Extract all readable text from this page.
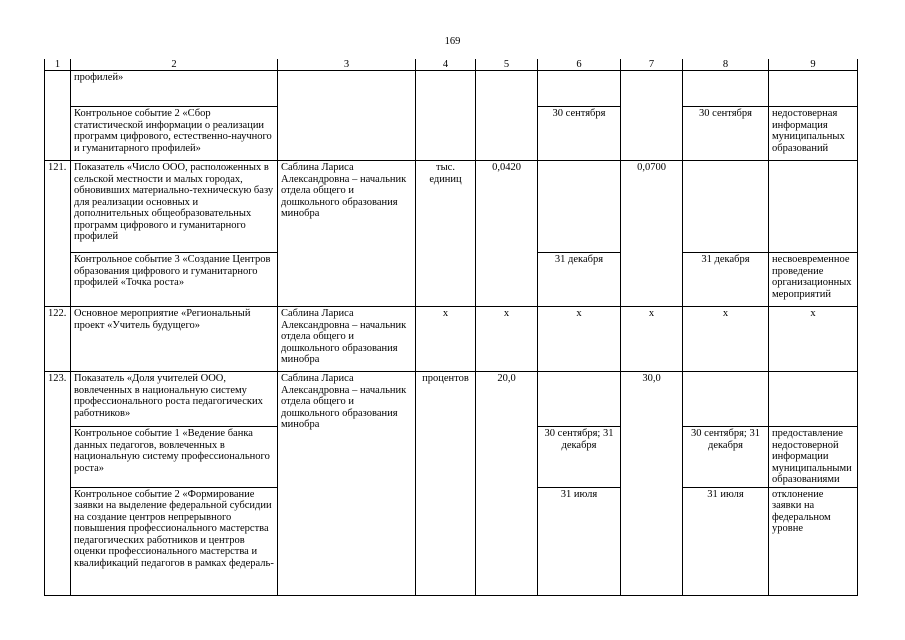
169
1	2	3	4	5	6	7	8	9
	профилей»							
	Контрольное событие 2 «Сбор статистической информации о реализации программ цифрового, естественно-научного и гуманитарного профилей»				30 сентября		30 сентября	недостоверная информация муниципальных образований
121.	Показатель «Число ООО, расположенных в сельской местности и малых городах, обновивших материально-техническую базу для реализации основных и дополнительных общеобразовательных программ цифрового и гуманитарного профилей	Саблина Лариса Александровна – начальник отдела общего и дошкольного образования минобра	тыс. единиц	0,0420		0,0700		
	Контрольное событие 3 «Создание Центров образования цифрового и гуманитарного профилей «Точка роста»				31 декабря		31 декабря	несвоевременное проведение организационных мероприятий
122.	Основное мероприятие «Региональный проект «Учитель будущего»	Саблина Лариса Александровна – начальник отдела общего и дошкольного образования минобра	х	х	х	х	х	х
123.	Показатель «Доля учителей ООО, вовлеченных в национальную систему профессионального роста педагогических работников»	Саблина Лариса Александровна – начальник отдела общего и дошкольного образования минобра	процентов	20,0		30,0		
	Контрольное событие 1 «Ведение банка данных педагогов, вовлеченных в национальную систему профессионального роста»				30 сентября; 31 декабря		30 сентября; 31 декабря	предоставление недостоверной информации муниципальными образованиями
	Контрольное событие 2 «Формирование заявки на выделение федеральной субсидии на создание центров непрерывного повышения профессионального мастерства педагогических работников и центров оценки профессионального мастерства и квалификаций педагогов в рамках федераль-				31 июля		31 июля	отклонение заявки на федеральном уровне
